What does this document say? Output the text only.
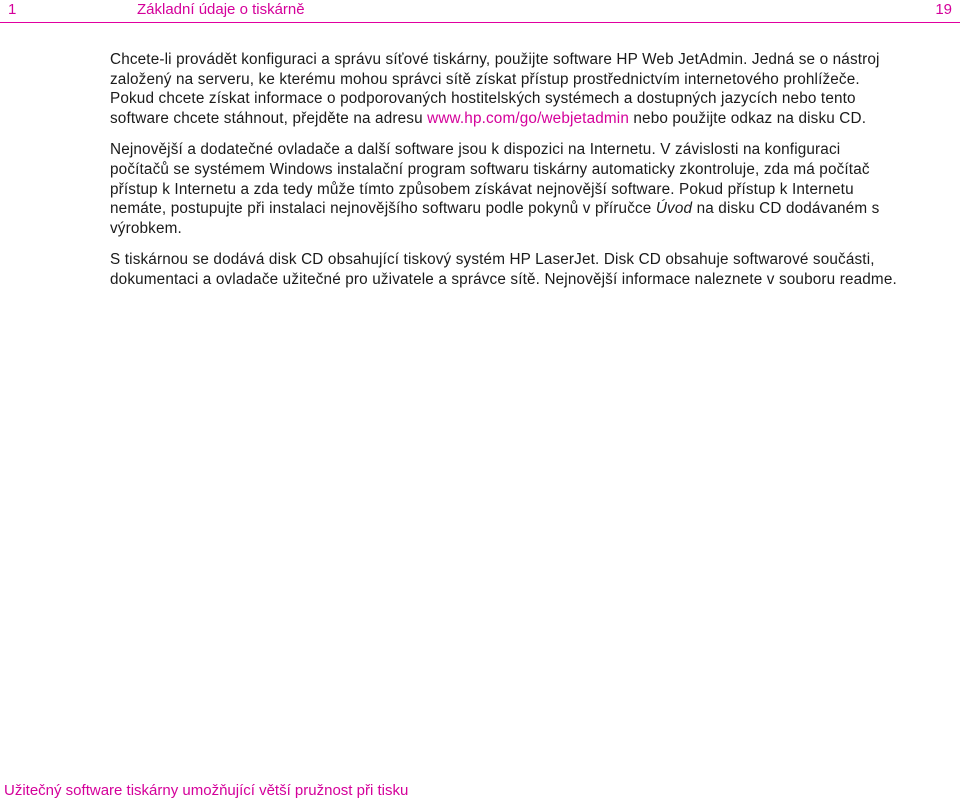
1	Základní údaje o tiskárně	19

Chcete-li provádět konfiguraci a správu síťové tiskárny, použijte software HP Web JetAdmin. Jedná se o nástroj založený na serveru, ke kterému mohou správci sítě získat přístup prostřednictvím internetového prohlížeče. Pokud chcete získat informace o podporovaných hostitelských systémech a dostupných jazycích nebo tento software chcete stáhnout, přejděte na adresu www.hp.com/go/webjetadmin nebo použijte odkaz na disku CD.

Nejnovější a dodatečné ovladače a další software jsou k dispozici na Internetu. V závislosti na konfiguraci počítačů se systémem Windows instalační program softwaru tiskárny automaticky zkontroluje, zda má počítač přístup k Internetu a zda tedy může tímto způsobem získávat nejnovější software. Pokud přístup k Internetu nemáte, postupujte při instalaci nejnovějšího softwaru podle pokynů v příručce Úvod na disku CD dodávaném s výrobkem.

S tiskárnou se dodává disk CD obsahující tiskový systém HP LaserJet. Disk CD obsahuje softwarové součásti, dokumentaci a ovladače užitečné pro uživatele a správce sítě. Nejnovější informace naleznete v souboru readme.

Užitečný software tiskárny umožňující větší pružnost při tisku
